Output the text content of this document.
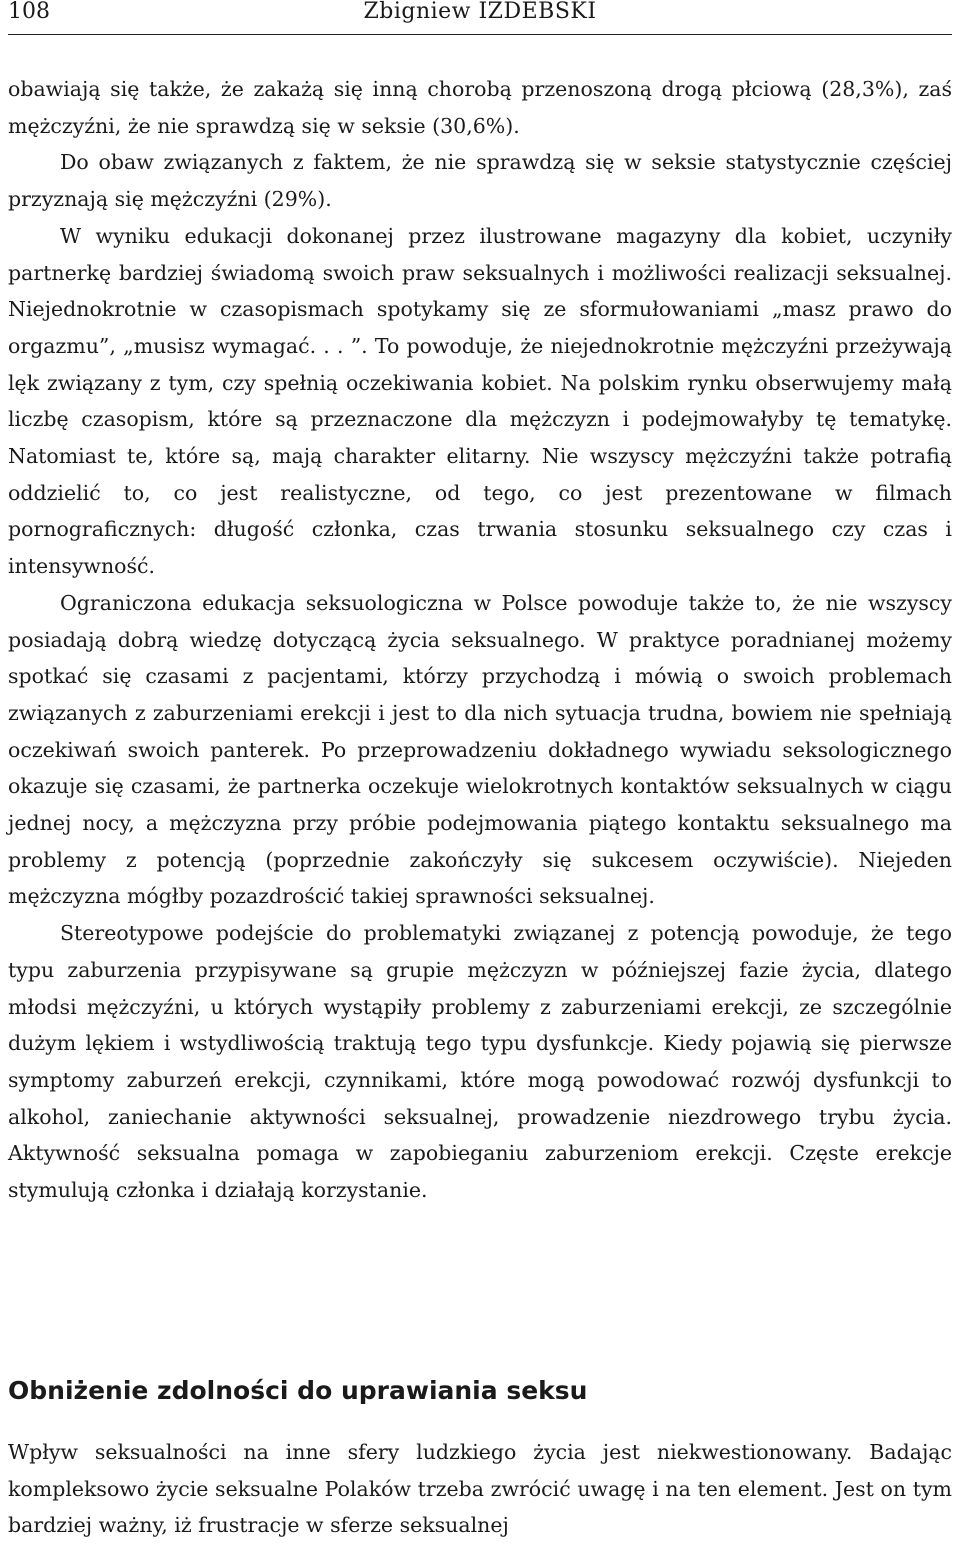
108	Zbigniew IZDEBSKI

obawiają się także, że zakażą się inną chorobą przenoszoną drogą płciową (28,3%), zaś mężczyźni, że nie sprawdzą się w seksie (30,6%).

Do obaw związanych z faktem, że nie sprawdzą się w seksie statystycznie częściej przyznają się mężczyźni (29%).

W wyniku edukacji dokonanej przez ilustrowane magazyny dla kobiet, uczyniły partnerkę bardziej świadomą swoich praw seksualnych i możliwości realizacji seksualnej. Niejednokrotnie w czasopismach spotykamy się ze sformułowaniami „masz prawo do orgazmu”, „musisz wymagać. . . ”. To powoduje, że niejednokrotnie mężczyźni przeżywają lęk związany z tym, czy spełnią oczekiwania kobiet. Na polskim rynku obserwujemy małą liczbę czasopism, które są przeznaczone dla mężczyzn i podejmowałyby tę tematykę. Natomiast te, które są, mają charakter elitarny. Nie wszyscy mężczyźni także potrafią oddzielić to, co jest realistyczne, od tego, co jest prezentowane w filmach pornograficznych: długość członka, czas trwania stosunku seksualnego czy czas i intensywność.

Ograniczona edukacja seksuologiczna w Polsce powoduje także to, że nie wszyscy posiadają dobrą wiedzę dotyczącą życia seksualnego. W praktyce poradnianej możemy spotkać się czasami z pacjentami, którzy przychodzą i mówią o swoich problemach związanych z zaburzeniami erekcji i jest to dla nich sytuacja trudna, bowiem nie spełniają oczekiwań swoich panterek. Po przeprowadzeniu dokładnego wywiadu seksologicznego okazuje się czasami, że partnerka oczekuje wielokrotnych kontaktów seksualnych w ciągu jednej nocy, a mężczyzna przy próbie podejmowania piątego kontaktu seksualnego ma problemy z potencją (poprzednie zakończyły się sukcesem oczywiście). Niejeden mężczyzna mógłby pozazdrościć takiej sprawności seksualnej.

Stereotypowe podejście do problematyki związanej z potencją powoduje, że tego typu zaburzenia przypisywane są grupie mężczyzn w późniejszej fazie życia, dlatego młodsi mężczyźni, u których wystąpiły problemy z zaburzeniami erekcji, ze szczególnie dużym lękiem i wstydliwością traktują tego typu dysfunkcje. Kiedy pojawią się pierwsze symptomy zaburzeń erekcji, czynnikami, które mogą powodować rozwój dysfunkcji to alkohol, zaniechanie aktywności seksualnej, prowadzenie niezdrowego trybu życia. Aktywność seksualna pomaga w zapobieganiu zaburzeniom erekcji. Częste erekcje stymulują członka i działają korzystanie.

Obniżenie zdolności do uprawiania seksu

Wpływ seksualności na inne sfery ludzkiego życia jest niekwestionowany. Badając kompleksowo życie seksualne Polaków trzeba zwrócić uwagę i na ten element. Jest on tym bardziej ważny, iż frustracje w sferze seksualnej
